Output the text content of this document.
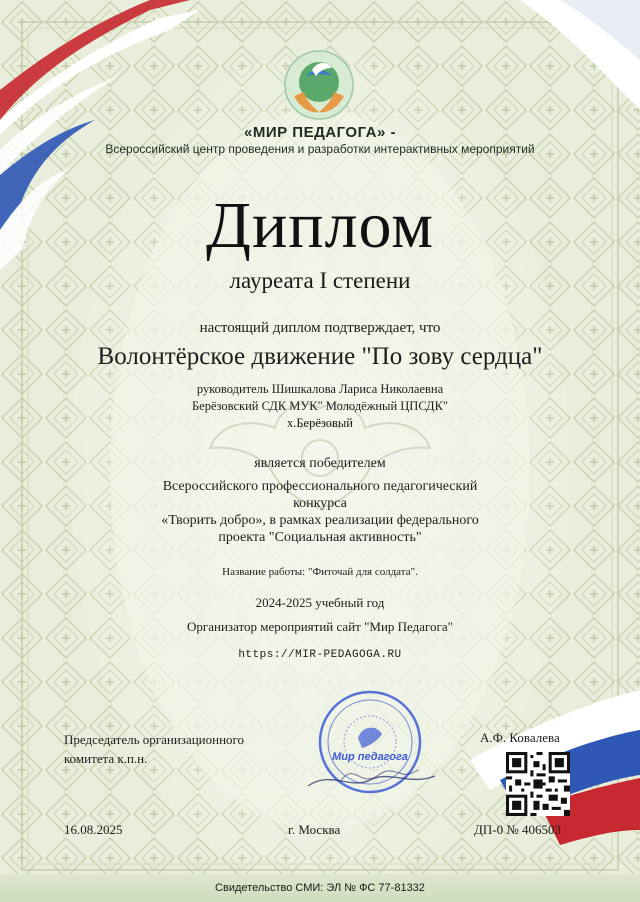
«МИР ПЕДАГОГА» -
Всероссийский центр проведения и разработки интерактивных мероприятий
Диплом
лауреата I степени
настоящий диплом подтверждает, что
Волонтёрское движение "По зову сердца"
руководитель Шишкалова Лариса Николаевна
Берёзовский СДК МУК" Молодёжный ЦПСДК"
х.Берёзовый
является победителем
Всероссийского профессионального педагогический
конкурса
«Творить добро», в рамках реализации федерального
проекта "Социальная активность"
Название работы: "Фиточай для солдата".
2024-2025 учебный год
Организатор мероприятий сайт "Мир Педагога"
https://MIR-PEDAGOGA.RU
Председатель организационного
комитета к.п.н.
А.Ф. Ковалева
Мир педагога
16.08.2025	г. Москва	ДП-0 № 406503
Свидетельство СМИ: ЭЛ № ФС 77-81332
